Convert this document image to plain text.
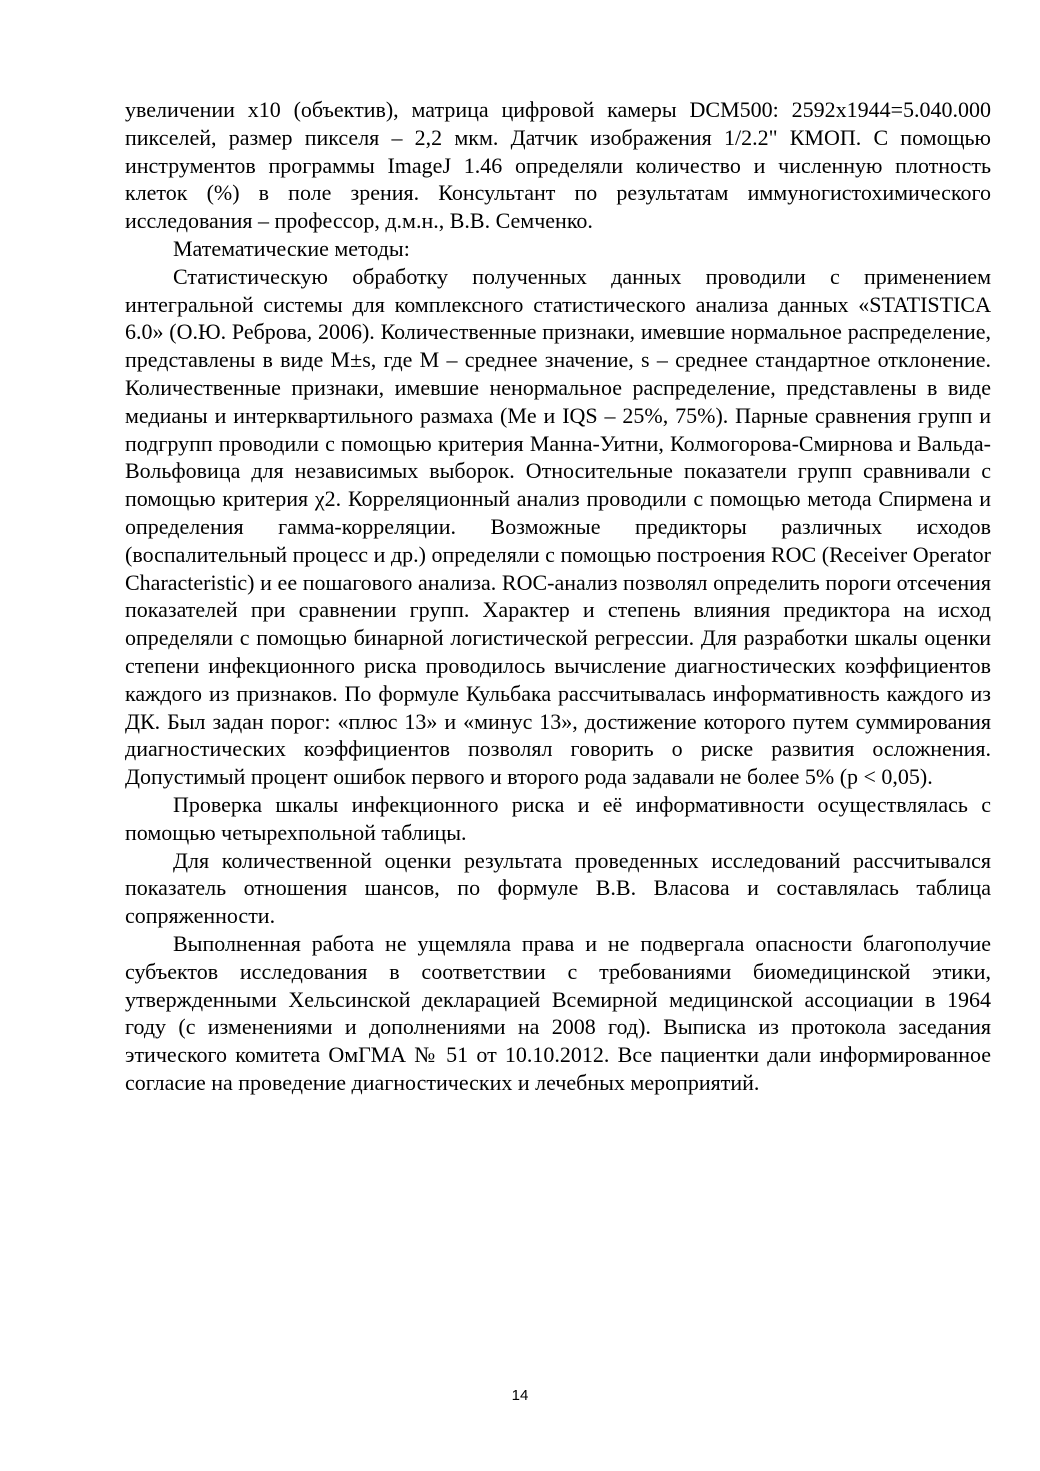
увеличении x10 (объектив), матрица цифровой камеры DCM500: 2592x1944=5.040.000 пикселей, размер пикселя – 2,2 мкм. Датчик изображения 1/2.2" КМОП. С помощью инструментов программы ImageJ 1.46 определяли количество и численную плотность клеток (%) в поле зрения. Консультант по результатам иммуногистохимического исследования – профессор, д.м.н., В.В. Семченко.

Математические методы:

Статистическую обработку полученных данных проводили с применением интегральной системы для комплексного статистического анализа данных «STATISTICA 6.0» (О.Ю. Реброва, 2006). Количественные признаки, имевшие нормальное распределение, представлены в виде M±s, где M – среднее значение, s – среднее стандартное отклонение. Количественные признаки, имевшие ненормальное распределение, представлены в виде медианы и интерквартильного размаха (Me и IQS – 25%, 75%). Парные сравнения групп и подгрупп проводили с помощью критерия Манна-Уитни, Колмогорова-Смирнова и Вальда-Вольфовица для независимых выборок. Относительные показатели групп сравнивали с помощью критерия χ2. Корреляционный анализ проводили с помощью метода Спирмена и определения гамма-корреляции. Возможные предикторы различных исходов (воспалительный процесс и др.) определяли с помощью построения ROC (Receiver Operator Characteristic) и ее пошагового анализа. ROC-анализ позволял определить пороги отсечения показателей при сравнении групп. Характер и степень влияния предиктора на исход определяли с помощью бинарной логистической регрессии. Для разработки шкалы оценки степени инфекционного риска проводилось вычисление диагностических коэффициентов каждого из признаков. По формуле Кульбака рассчитывалась информативность каждого из ДК. Был задан порог: «плюс 13» и «минус 13», достижение которого путем суммирования диагностических коэффициентов позволял говорить о риске развития осложнения. Допустимый процент ошибок первого и второго рода задавали не более 5% (p < 0,05).

Проверка шкалы инфекционного риска и её информативности осуществлялась с помощью четырехпольной таблицы.

Для количественной оценки результата проведенных исследований рассчитывался показатель отношения шансов, по формуле В.В. Власова и составлялась таблица сопряженности.

Выполненная работа не ущемляла права и не подвергала опасности благополучие субъектов исследования в соответствии с требованиями биомедицинской этики, утвержденными Хельсинской декларацией Всемирной медицинской ассоциации в 1964 году (с изменениями и дополнениями на 2008 год). Выписка из протокола заседания этического комитета ОмГМА № 51 от 10.10.2012. Все пациентки дали информированное согласие на проведение диагностических и лечебных мероприятий.

14
